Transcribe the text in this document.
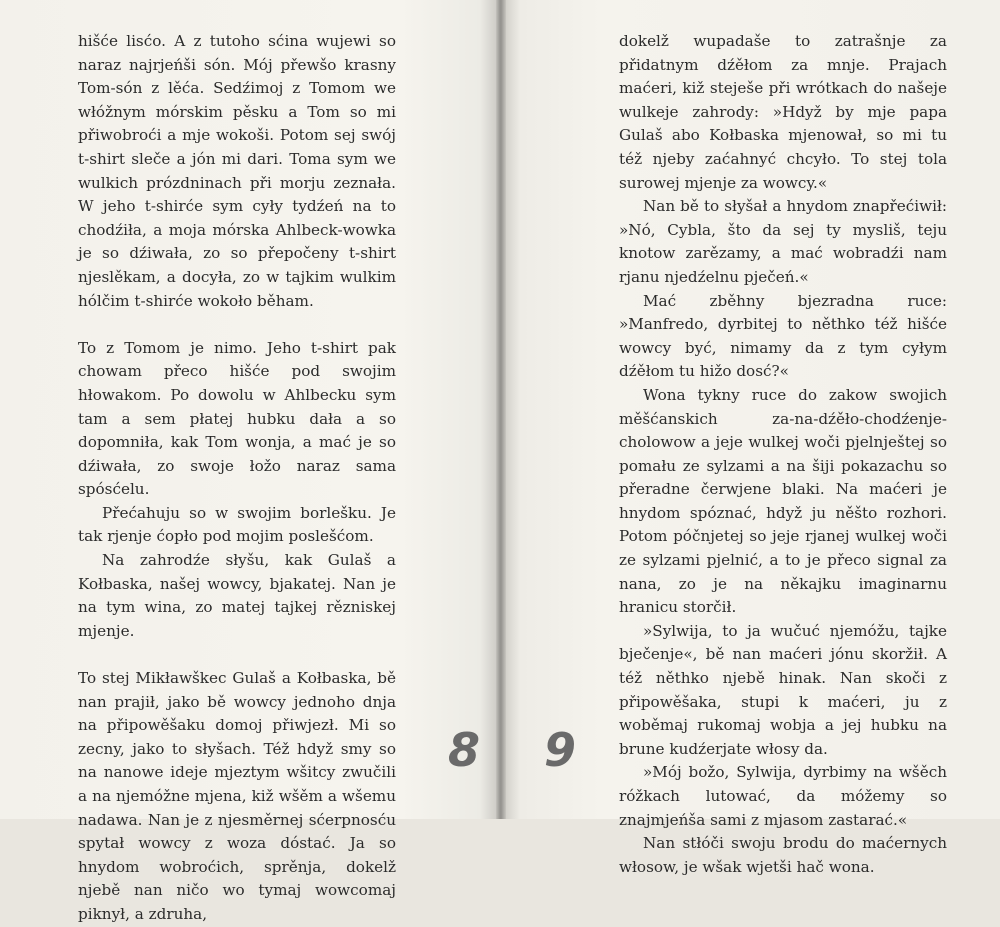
hišće lisćo. A z tutoho sćina wujewi so naraz najrjeńši són. Mój přewšo krasny Tom-són z lěća. Sedźimoj z Tomom we włóžnym mórskim pěsku a Tom so mi přiwobroći a mje wokoši. Potom sej swój t-shirt sleče a jón mi dari. Toma sym we wulkich prózdninach při morju zeznała. W jeho t-shirće sym cyły tydźeń na to chodźiła, a moja mórska Ahlbeck-wowka je so dźiwała, zo so přepočeny t-shirt njeslěkam, a docyła, zo w tajkim wulkim hólčim t-shirće wokoło běham.

To z Tomom je nimo. Jeho t-shirt pak chowam přeco hišće pod swojim hłowakom. Po dowolu w Ahlbecku sym tam a sem płatej hubku dała a so dopomniła, kak Tom wonja, a mać je so dźiwała, zo swoje łožo naraz sama spósćelu.

Přećahuju so w swojim borlešku. Je tak rjenje ćopło pod mojim poslešćom.

Na zahrodźe słyšu, kak Gulaš a Kołbaska, našej wowcy, bjakatej. Nan je na tym wina, zo matej tajkej rězniskej mjenje.

To stej Mikławškec Gulaš a Kołbaska, bě nan prajił, jako bě wowcy jednoho dnja na připowěšaku domoj přiwjezł. Mi so zecny, jako to słyšach. Též hdyž smy so na nanowe ideje mjeztym wšitcy zwučili a na njemóžne mjena, kiž wšěm a wšemu nadawa. Nan je z njesměrnej sćerpnosću spytał wowcy z woza dóstać. Ja so hnydom wobroćich, sprěnja, dokelž njebě nan ničo wo tymaj wowcomaj piknył, a zdruha,

8

dokelž wupadaše to zatrašnje za přidatnym dźěłom za mnje. Prajach maćeri, kiž steješe při wrótkach do našeje wulkeje zahrody: »Hdyž by mje papa Gulaš abo Kołbaska mjenował, so mi tu též njeby zaćahnyć chcyło. To stej tola surowej mjenje za wowcy.«

Nan bě to słyšał a hnydom znapřećiwił: »Nó, Cybla, što da sej ty mysliš, teju knotow zarězamy, a mać wobradźi nam rjanu njedźelnu pječeń.«

Mać zběhny bjezradna ruce: »Manfredo, dyrbitej to něthko též hišće wowcy być, nimamy da z tym cyłym dźěłom tu hižo dosć?«

Wona tykny ruce do zakow swojich měšćanskich za-na-dźěło-chodźenje-cholowow a jeje wulkej woči pjelnještej so pomału ze sylzami a na šiji pokazachu so přeradne čerwjene blaki. Na maćeri je hnydom spóznać, hdyž ju něšto rozhori. Potom póčnjetej so jeje rjanej wulkej woči ze sylzami pjelnić, a to je přeco signal za nana, zo je na někajku imaginarnu hranicu storčił.

»Sylwija, to ja wučuć njemóžu, tajke bječenje«, bě nan maćeri jónu skoržił. A též něthko njebě hinak. Nan skoči z připowěšaka, stupi k maćeri, ju z woběmaj rukomaj wobja a jej hubku na brune kudźerjate włosy da.

»Mój božo, Sylwija, dyrbimy na wšěch róžkach lutować, da móžemy so znajmjeńša sami z mjasom zastarać.«

Nan stłóči swoju brodu do maćernych włosow, je wšak wjetši hač wona.

9
